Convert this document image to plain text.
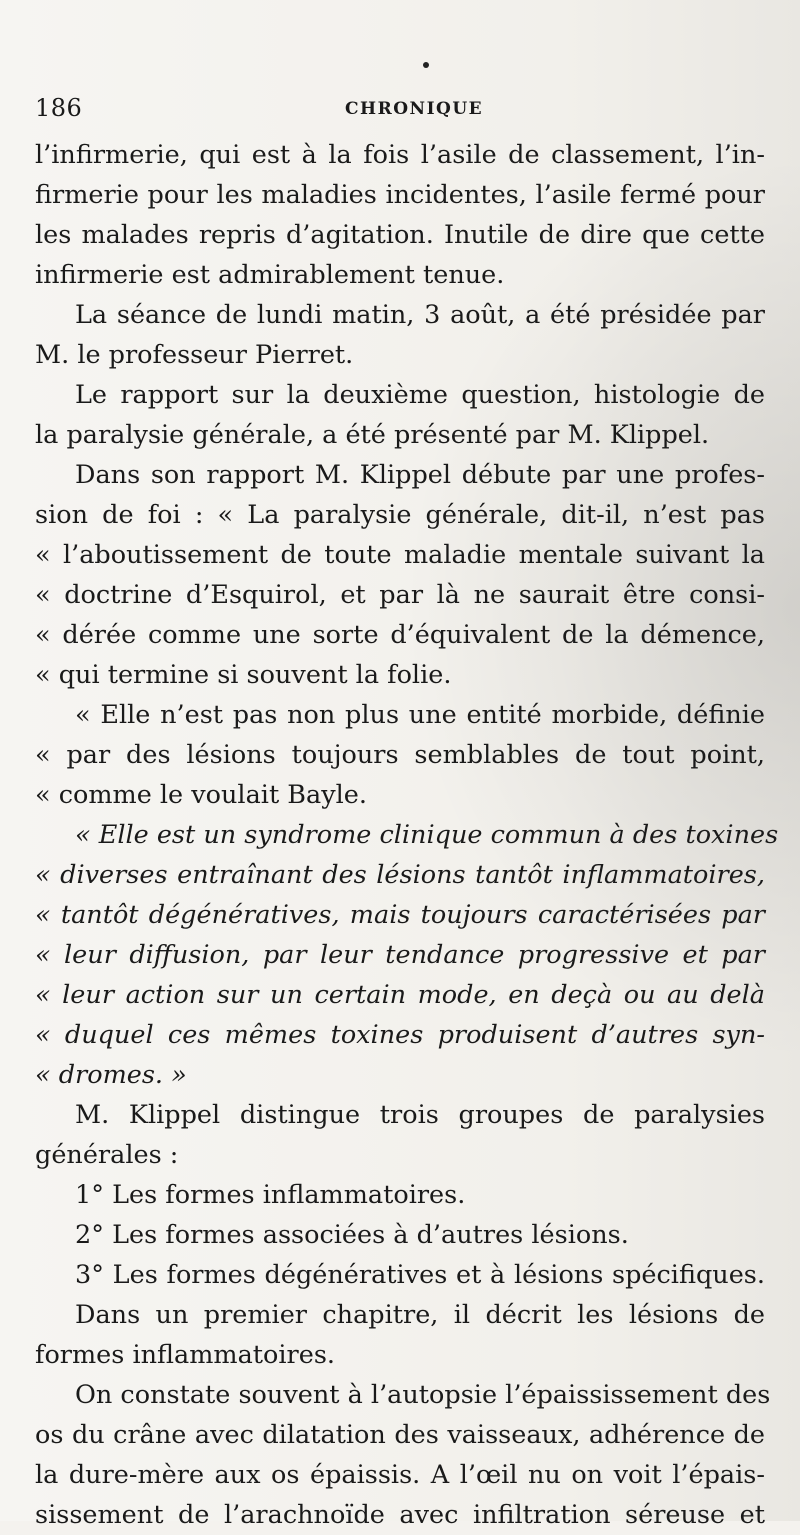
186	CHRONIQUE
l’infirmerie, qui est à la fois l’asile de classement, l’in-
firmerie pour les maladies incidentes, l’asile fermé pour
les malades repris d’agitation. Inutile de dire que cette
infirmerie est admirablement tenue.
La séance de lundi matin, 3 août, a été présidée par
M. le professeur Pierret.
Le rapport sur la deuxième question, histologie de
la paralysie générale, a été présenté par M. Klippel.
Dans son rapport M. Klippel débute par une profes-
sion de foi : « La paralysie générale, dit-il, n’est pas
« l’aboutissement de toute maladie mentale suivant la
« doctrine d’Esquirol, et par là ne saurait être consi-
« dérée comme une sorte d’équivalent de la démence,
« qui termine si souvent la folie.
« Elle n’est pas non plus une entité morbide, définie
« par des lésions toujours semblables de tout point,
« comme le voulait Bayle.
« Elle est un syndrome clinique commun à des toxines
« diverses entraînant des lésions tantôt inflammatoires,
« tantôt dégénératives, mais toujours caractérisées par
« leur diffusion, par leur tendance progressive et par
« leur action sur un certain mode, en deçà ou au delà
« duquel ces mêmes toxines produisent d’autres syn-
« dromes. »
M. Klippel distingue trois groupes de paralysies
générales :
1° Les formes inflammatoires.
2° Les formes associées à d’autres lésions.
3° Les formes dégénératives et à lésions spécifiques.
Dans un premier chapitre, il décrit les lésions de
formes inflammatoires.
On constate souvent à l’autopsie l’épaississement des
os du crâne avec dilatation des vaisseaux, adhérence de
la dure-mère aux os épaissis. A l’œil nu on voit l’épais-
sissement de l’arachnoïde avec infiltration séreuse et
